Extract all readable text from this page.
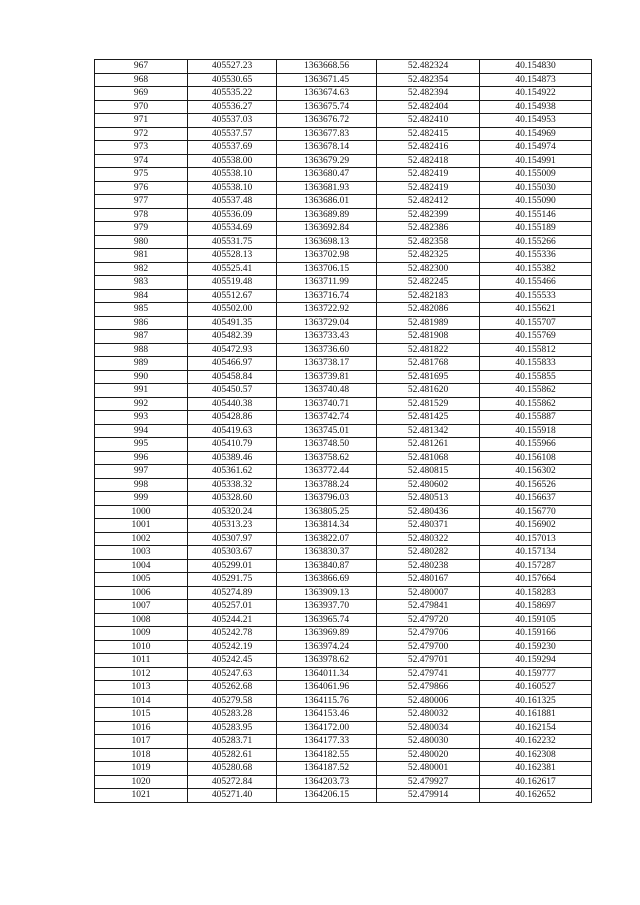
967	405527.23	1363668.56	52.482324	40.154830
968	405530.65	1363671.45	52.482354	40.154873
969	405535.22	1363674.63	52.482394	40.154922
970	405536.27	1363675.74	52.482404	40.154938
971	405537.03	1363676.72	52.482410	40.154953
972	405537.57	1363677.83	52.482415	40.154969
973	405537.69	1363678.14	52.482416	40.154974
974	405538.00	1363679.29	52.482418	40.154991
975	405538.10	1363680.47	52.482419	40.155009
976	405538.10	1363681.93	52.482419	40.155030
977	405537.48	1363686.01	52.482412	40.155090
978	405536.09	1363689.89	52.482399	40.155146
979	405534.69	1363692.84	52.482386	40.155189
980	405531.75	1363698.13	52.482358	40.155266
981	405528.13	1363702.98	52.482325	40.155336
982	405525.41	1363706.15	52.482300	40.155382
983	405519.48	1363711.99	52.482245	40.155466
984	405512.67	1363716.74	52.482183	40.155533
985	405502.00	1363722.92	52.482086	40.155621
986	405491.35	1363729.04	52.481989	40.155707
987	405482.39	1363733.43	52.481908	40.155769
988	405472.93	1363736.60	52.481822	40.155812
989	405466.97	1363738.17	52.481768	40.155833
990	405458.84	1363739.81	52.481695	40.155855
991	405450.57	1363740.48	52.481620	40.155862
992	405440.38	1363740.71	52.481529	40.155862
993	405428.86	1363742.74	52.481425	40.155887
994	405419.63	1363745.01	52.481342	40.155918
995	405410.79	1363748.50	52.481261	40.155966
996	405389.46	1363758.62	52.481068	40.156108
997	405361.62	1363772.44	52.480815	40.156302
998	405338.32	1363788.24	52.480602	40.156526
999	405328.60	1363796.03	52.480513	40.156637
1000	405320.24	1363805.25	52.480436	40.156770
1001	405313.23	1363814.34	52.480371	40.156902
1002	405307.97	1363822.07	52.480322	40.157013
1003	405303.67	1363830.37	52.480282	40.157134
1004	405299.01	1363840.87	52.480238	40.157287
1005	405291.75	1363866.69	52.480167	40.157664
1006	405274.89	1363909.13	52.480007	40.158283
1007	405257.01	1363937.70	52.479841	40.158697
1008	405244.21	1363965.74	52.479720	40.159105
1009	405242.78	1363969.89	52.479706	40.159166
1010	405242.19	1363974.24	52.479700	40.159230
1011	405242.45	1363978.62	52.479701	40.159294
1012	405247.63	1364011.34	52.479741	40.159777
1013	405262.68	1364061.96	52.479866	40.160527
1014	405279.58	1364115.76	52.480006	40.161325
1015	405283.28	1364153.46	52.480032	40.161881
1016	405283.95	1364172.00	52.480034	40.162154
1017	405283.71	1364177.33	52.480030	40.162232
1018	405282.61	1364182.55	52.480020	40.162308
1019	405280.68	1364187.52	52.480001	40.162381
1020	405272.84	1364203.73	52.479927	40.162617
1021	405271.40	1364206.15	52.479914	40.162652
